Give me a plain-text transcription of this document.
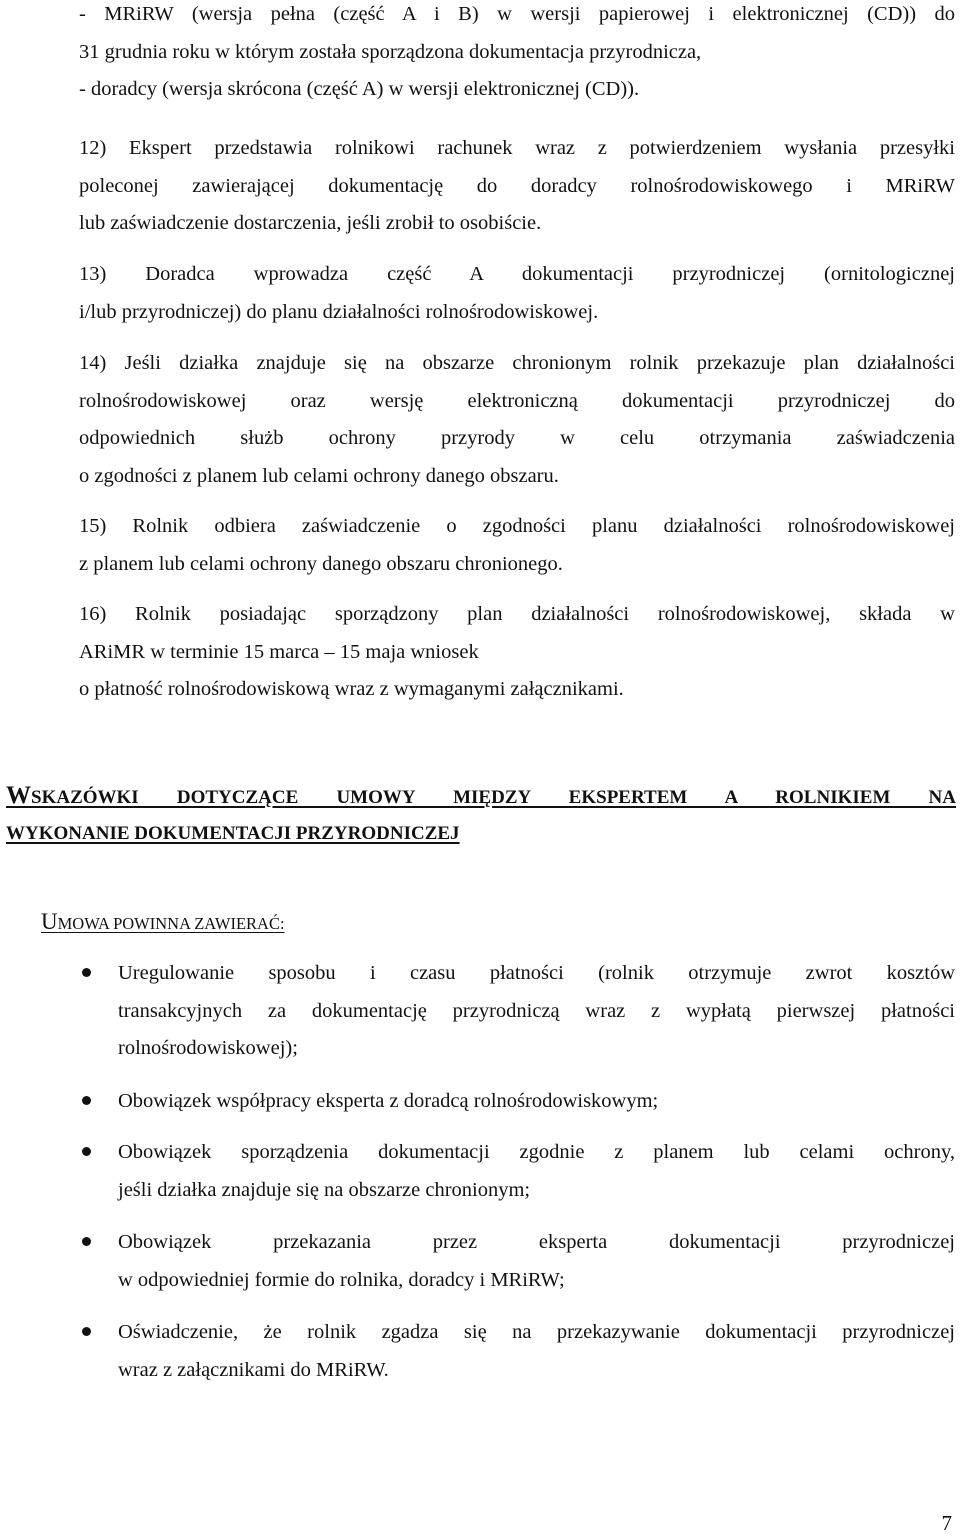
- MRiRW (wersja pełna (część A i B) w wersji papierowej i elektronicznej (CD)) do
31 grudnia roku w którym została sporządzona dokumentacja przyrodnicza,
- doradcy (wersja skrócona (część A) w wersji elektronicznej (CD)).
12) Ekspert przedstawia rolnikowi rachunek wraz z potwierdzeniem wysłania przesyłki
poleconej zawierającej dokumentację do doradcy rolnośrodowiskowego i MRiRW
lub zaświadczenie dostarczenia, jeśli zrobił to osobiście.
13) Doradca wprowadza część A dokumentacji przyrodniczej (ornitologicznej
i/lub przyrodniczej) do planu działalności rolnośrodowiskowej.
14) Jeśli działka znajduje się na obszarze chronionym rolnik przekazuje plan działalności
rolnośrodowiskowej oraz wersję elektroniczną dokumentacji przyrodniczej do
odpowiednich służb ochrony przyrody w celu otrzymania zaświadczenia
o zgodności z planem lub celami ochrony danego obszaru.
15) Rolnik odbiera zaświadczenie o zgodności planu działalności rolnośrodowiskowej
z planem lub celami ochrony danego obszaru chronionego.
16) Rolnik posiadając sporządzony plan działalności rolnośrodowiskowej, składa w
ARiMR w terminie 15 marca – 15 maja wniosek
o płatność rolnośrodowiskową wraz z wymaganymi załącznikami.
WSKAZÓWKI DOTYCZĄCE UMOWY MIĘDZY EKSPERTEM A ROLNIKIEM NA
WYKONANIE DOKUMENTACJI PRZYRODNICZEJ
UMOWA POWINNA ZAWIERAĆ:
Uregulowanie sposobu i czasu płatności (rolnik otrzymuje zwrot kosztów
transakcyjnych za dokumentację przyrodniczą wraz z wypłatą pierwszej płatności
rolnośrodowiskowej);
Obowiązek współpracy eksperta z doradcą rolnośrodowiskowym;
Obowiązek sporządzenia dokumentacji zgodnie z planem lub celami ochrony,
jeśli działka znajduje się na obszarze chronionym;
Obowiązek przekazania przez eksperta dokumentacji przyrodniczej
w odpowiedniej formie do rolnika, doradcy i MRiRW;
Oświadczenie, że rolnik zgadza się na przekazywanie dokumentacji przyrodniczej
wraz z załącznikami do MRiRW.
7
